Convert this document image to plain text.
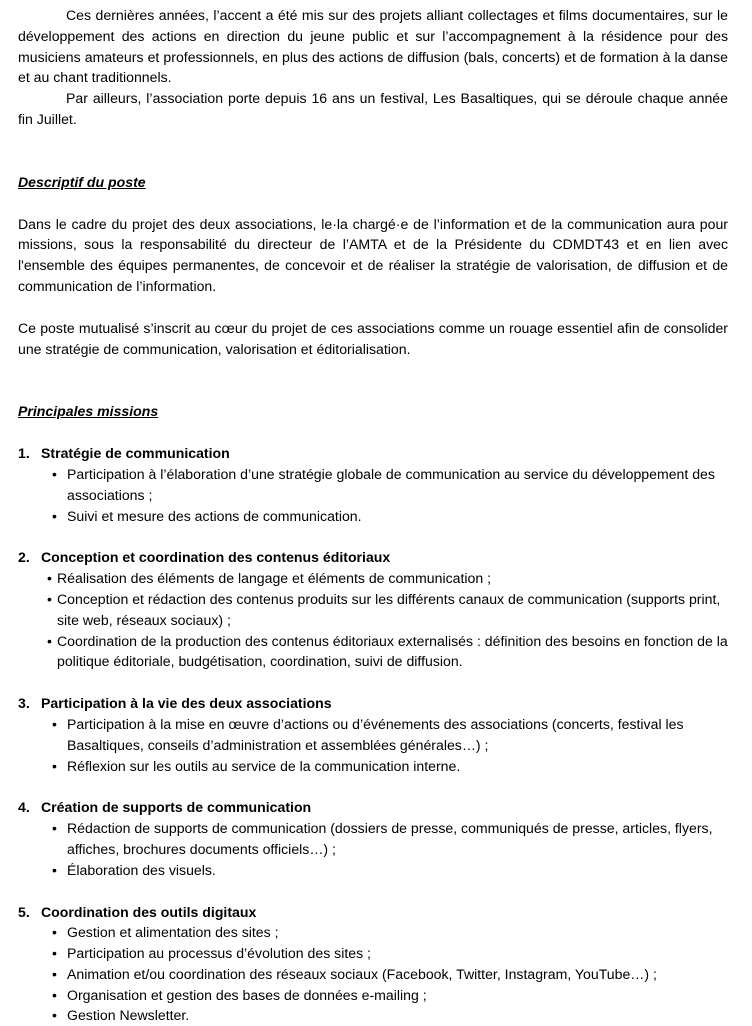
Ces dernières années, l’accent a été mis sur des projets alliant collectages et films documentaires, sur le développement des actions en direction du jeune public et sur l’accompagnement à la résidence pour des musiciens amateurs et professionnels, en plus des actions de diffusion (bals, concerts) et de formation à la danse et au chant traditionnels.

Par ailleurs, l’association porte depuis 16 ans un festival, Les Basaltiques, qui se déroule chaque année fin Juillet.

Descriptif du poste

Dans le cadre du projet des deux associations, le·la chargé·e de l’information et de la communication aura pour missions, sous la responsabilité du directeur de l’AMTA et de la Présidente du CDMDT43 et en lien avec l'ensemble des équipes permanentes, de concevoir et de réaliser la stratégie de valorisation, de diffusion et de communication de l’information.

Ce poste mutualisé s’inscrit au cœur du projet de ces associations comme un rouage essentiel afin de consolider une stratégie de communication, valorisation et éditorialisation.

Principales missions

1. Stratégie de communication

• Participation à l’élaboration d’une stratégie globale de communication au service du développement des associations ;
• Suivi et mesure des actions de communication.

2. Conception et coordination des contenus éditoriaux

• Réalisation des éléments de langage et éléments de communication ;
• Conception et rédaction des contenus produits sur les différents canaux de communication (supports print, site web, réseaux sociaux) ;
• Coordination de la production des contenus éditoriaux externalisés : définition des besoins en fonction de la politique éditoriale, budgétisation, coordination, suivi de diffusion.

3. Participation à la vie des deux associations

• Participation à la mise en œuvre d’actions ou d’événements des associations (concerts, festival les Basaltiques, conseils d’administration et assemblées générales…) ;
• Réflexion sur les outils au service de la communication interne.

4. Création de supports de communication

• Rédaction de supports de communication (dossiers de presse, communiqués de presse, articles, flyers, affiches, brochures documents officiels…) ;
• Élaboration des visuels.

5. Coordination des outils digitaux

• Gestion et alimentation des sites ;
• Participation au processus d’évolution des sites ;
• Animation et/ou coordination des réseaux sociaux (Facebook, Twitter, Instagram, YouTube…) ;
• Organisation et gestion des bases de données e-mailing ;
• Gestion Newsletter.
